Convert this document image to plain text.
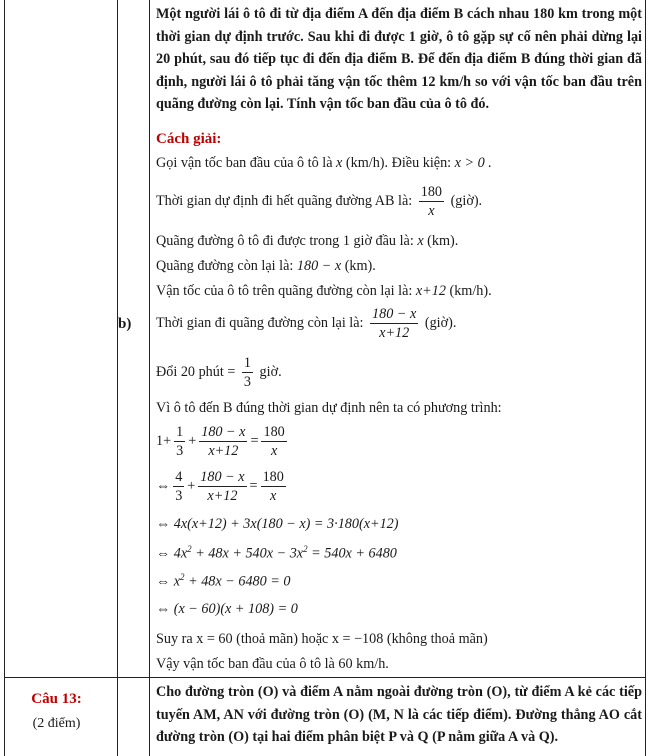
b)
Một người lái ô tô đi từ địa điểm A đến địa điểm B cách nhau 180 km trong một thời gian dự định trước. Sau khi đi được 1 giờ, ô tô gặp sự cố nên phải dừng lại 20 phút, sau đó tiếp tục đi đến địa điểm B. Để đến địa điểm B đúng thời gian đã định, người lái ô tô phải tăng vận tốc thêm 12 km/h so với vận tốc ban đầu trên quãng đường còn lại. Tính vận tốc ban đầu của ô tô đó.
Cách giải:
Gọi vận tốc ban đầu của ô tô là x (km/h). Điều kiện: x > 0 .
Thời gian dự định đi hết quãng đường AB là: $\frac{180}{x}$ (giờ).
Quãng đường ô tô đi được trong 1 giờ đầu là: x (km).
Quãng đường còn lại là: 180 − x (km).
Vận tốc của ô tô trên quãng đường còn lại là: x+12 (km/h).
Thời gian đi quãng đường còn lại là: $\frac{180 - x}{x+12}$ (giờ).
Đổi 20 phút = $\frac{1}{3}$ giờ.
Vì ô tô đến B đúng thời gian dự định nên ta có phương trình:
$1+ \frac{1}{3} + \frac{180 - x}{x+12} = \frac{180}{x}$
⇔ $\frac{4}{3} + \frac{180 - x}{x+12} = \frac{180}{x}$
⇔ 4x(x+12) + 3x(180 − x) = 3·180(x+12)
⇔ $4x^2 + 48x + 540x - 3x^2 = 540x + 6480$
⇔ $x^2 + 48x - 6480 = 0$
⇔ (x − 60)(x + 108) = 0
Suy ra x = 60 (thoả mãn) hoặc x = −108 (không thoả mãn)
Vậy vận tốc ban đầu của ô tô là 60 km/h.
Câu 13:
(2 điểm)
Cho đường tròn (O) và điểm A nằm ngoài đường tròn (O), từ điểm A kẻ các tiếp tuyến AM, AN với đường tròn (O) (M, N là các tiếp điểm). Đường thẳng AO cắt đường tròn (O) tại hai điểm phân biệt P và Q (P nằm giữa A và Q).
